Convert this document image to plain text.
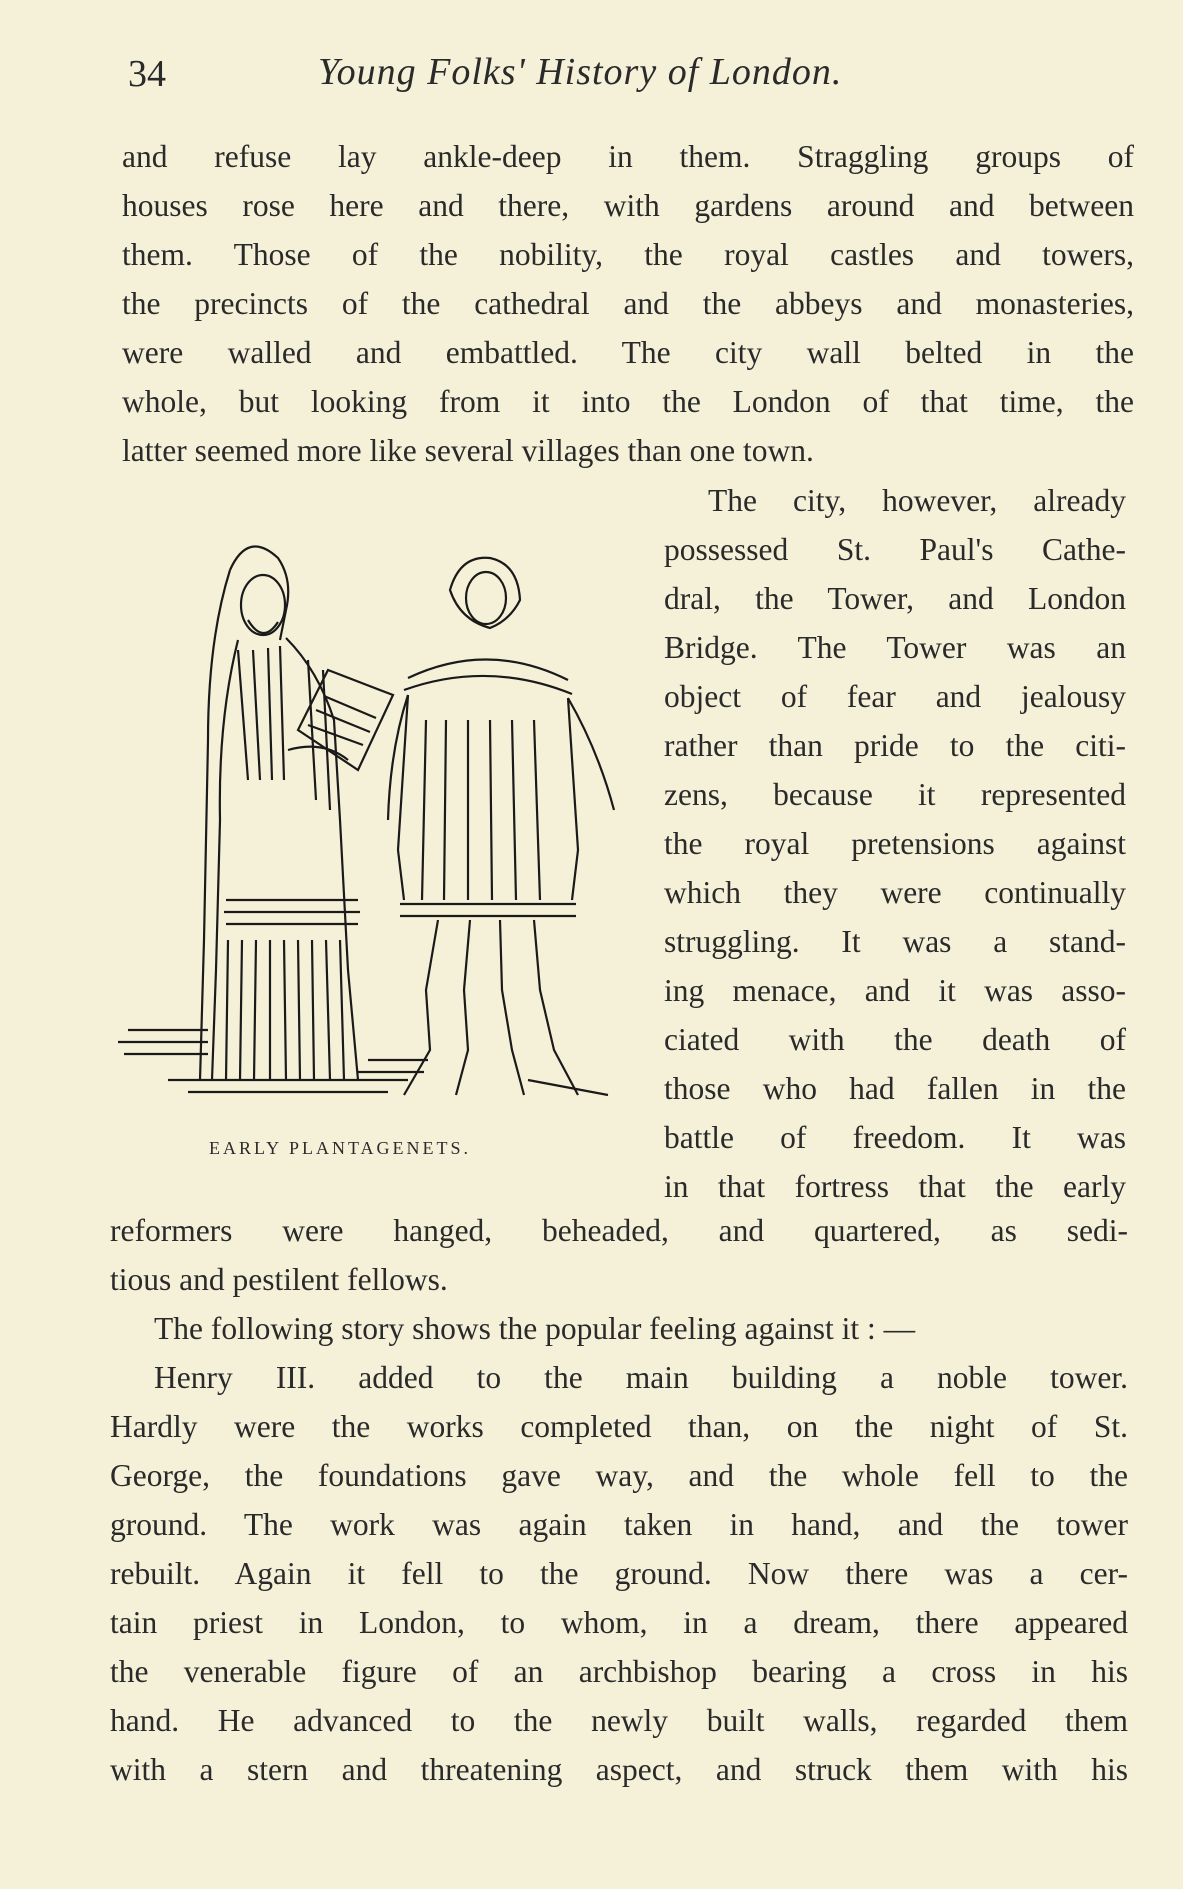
34	Young Folks' History of London.
and refuse lay ankle-deep in them. Straggling groups of
houses rose here and there, with gardens around and between
them. Those of the nobility, the royal castles and towers,
the precincts of the cathedral and the abbeys and monasteries,
were walled and embattled. The city wall belted in the
whole, but looking from it into the London of that time, the
latter seemed more like several villages than one town.
EARLY PLANTAGENETS.
The city, however, already
possessed St. Paul's Cathe-
dral, the Tower, and London
Bridge. The Tower was an
object of fear and jealousy
rather than pride to the citi-
zens, because it represented
the royal pretensions against
which they were continually
struggling. It was a stand-
ing menace, and it was asso-
ciated with the death of
those who had fallen in the
battle of freedom. It was
in that fortress that the early
reformers were hanged, beheaded, and quartered, as sedi-
tious and pestilent fellows.
The following story shows the popular feeling against it : —
Henry III. added to the main building a noble tower.
Hardly were the works completed than, on the night of St.
George, the foundations gave way, and the whole fell to the
ground. The work was again taken in hand, and the tower
rebuilt. Again it fell to the ground. Now there was a cer-
tain priest in London, to whom, in a dream, there appeared
the venerable figure of an archbishop bearing a cross in his
hand. He advanced to the newly built walls, regarded them
with a stern and threatening aspect, and struck them with his
